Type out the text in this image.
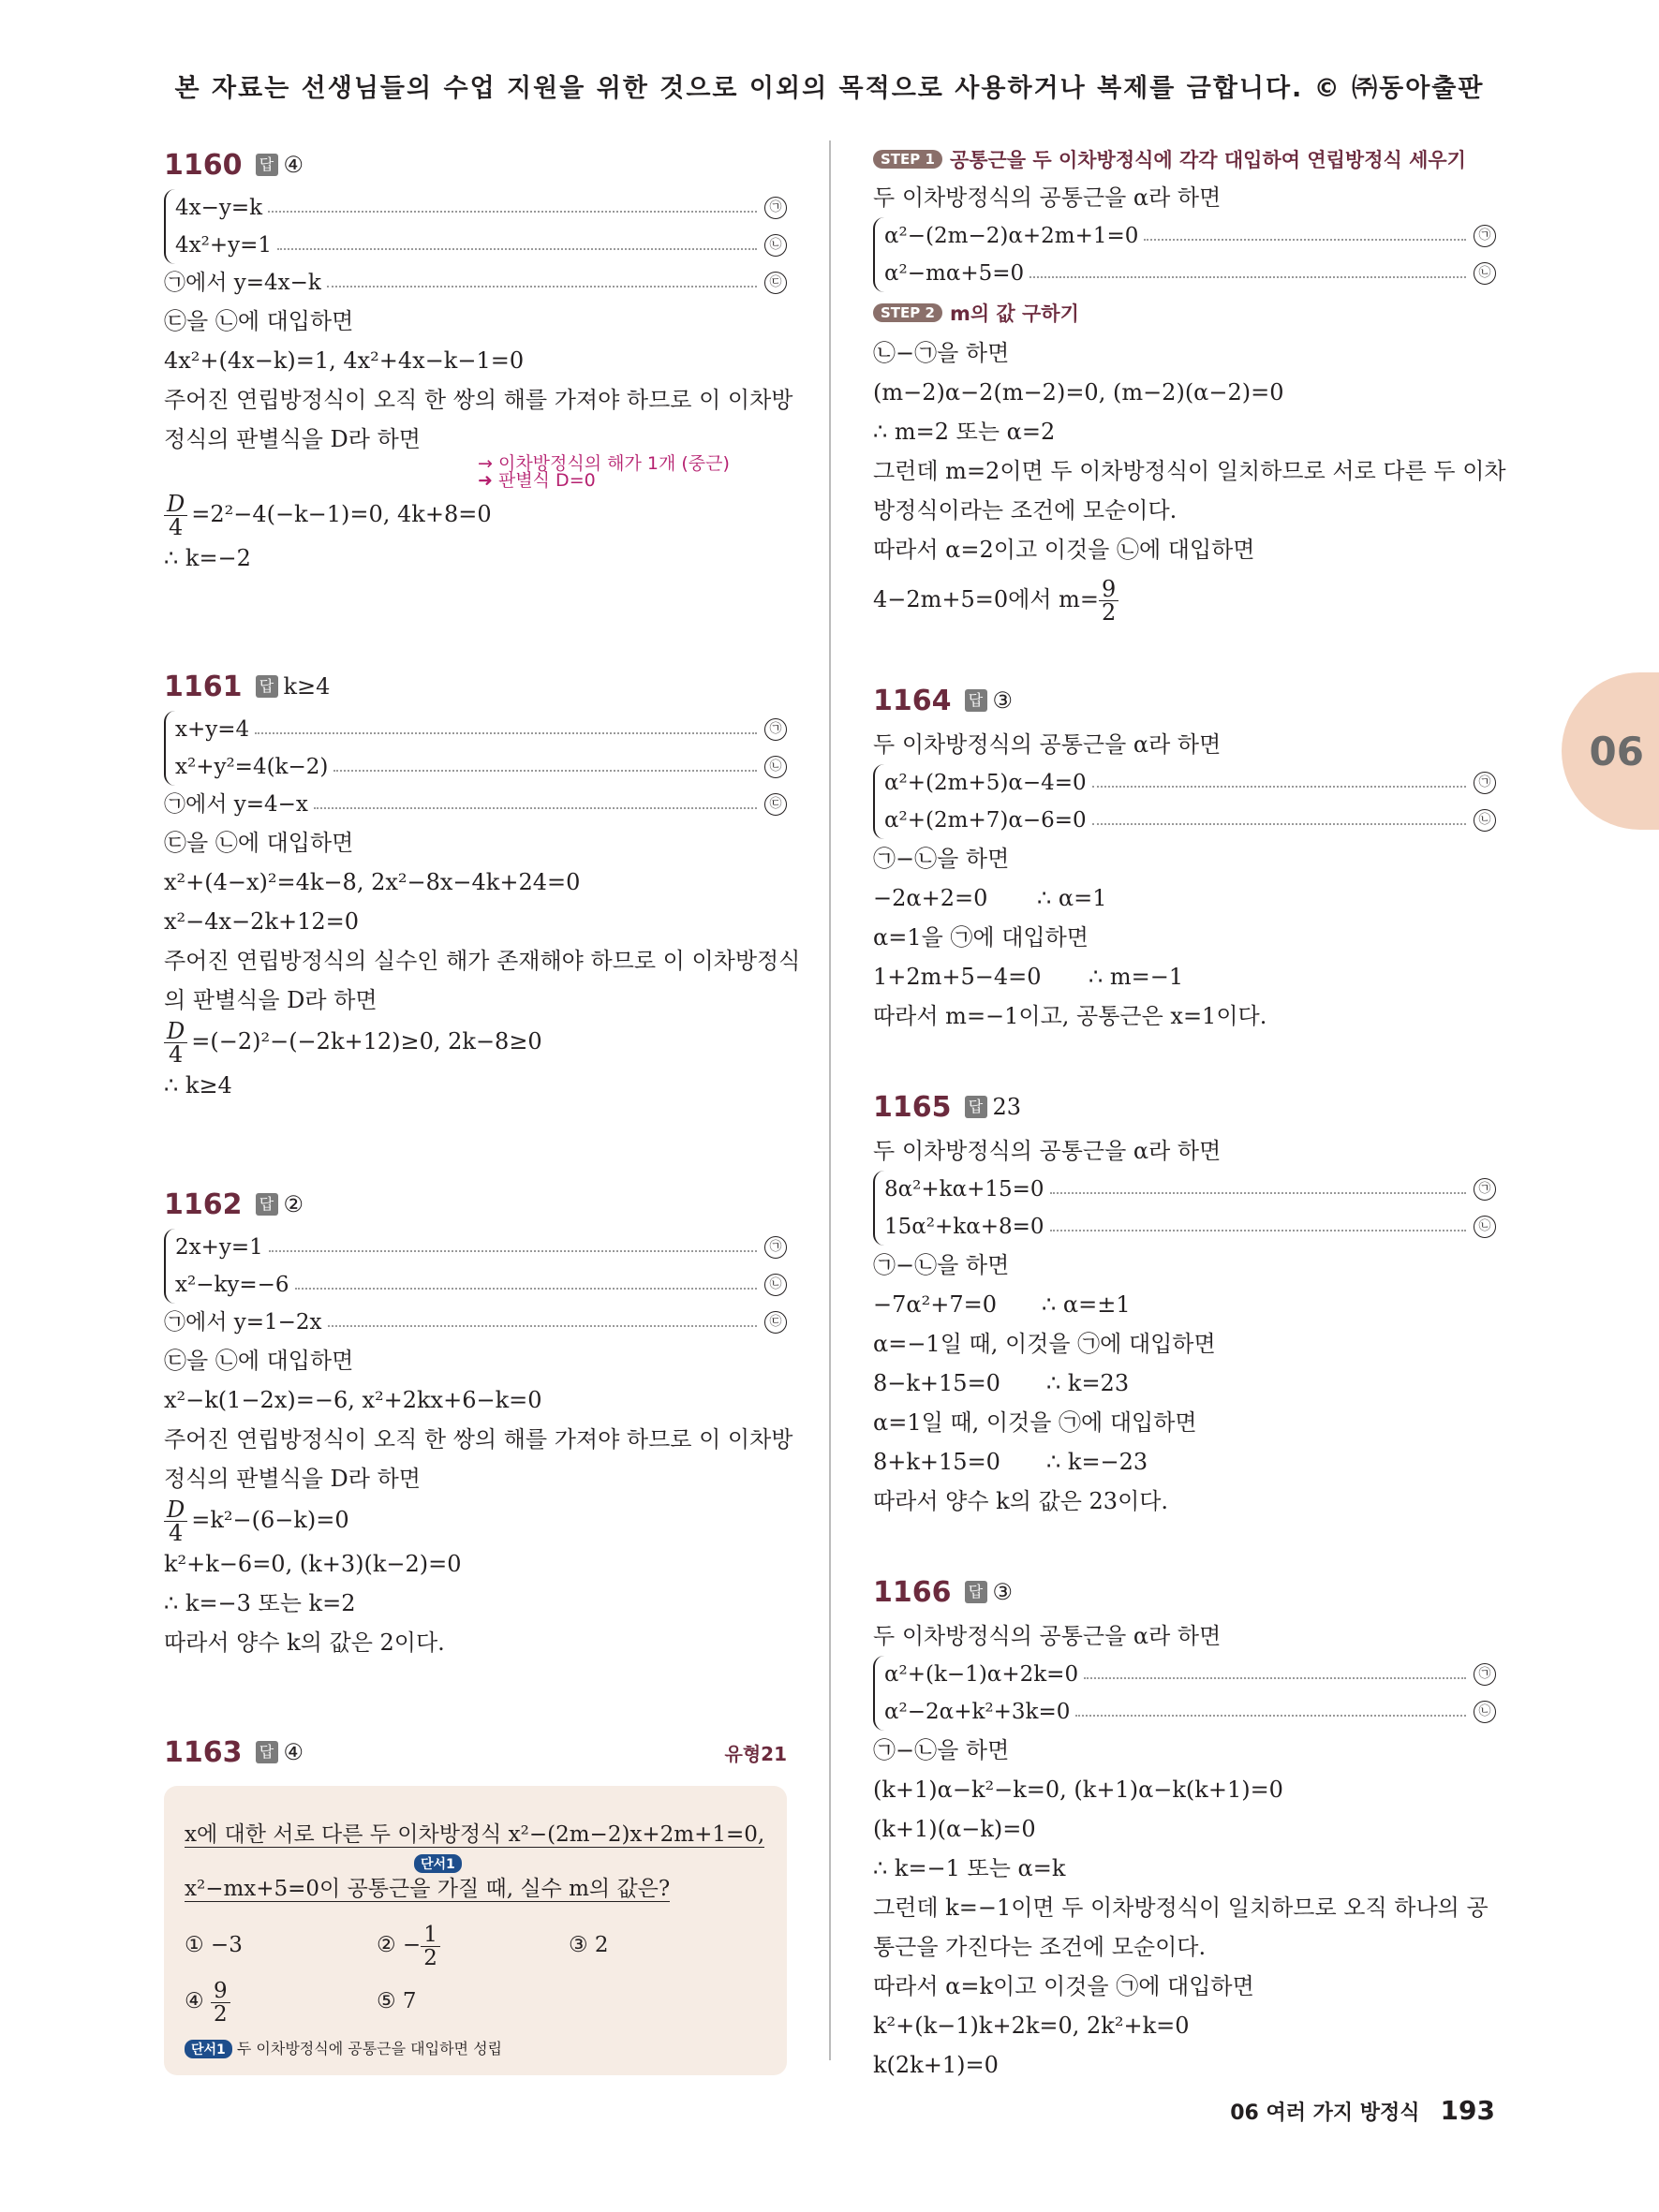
본 자료는 선생님들의 수업 지원을 위한 것으로 이외의 목적으로 사용하거나 복제를 금합니다. © ㈜동아출판
1160 답 ④
4x−y=k	㉠
4x²+y=1	㉡
㉠에서 y=4x−k	㉢
㉢을 ㉡에 대입하면
4x²+(4x−k)=1, 4x²+4x−k−1=0
주어진 연립방정식이 오직 한 쌍의 해를 가져야 하므로 이 이차방
정식의 판별식을 D라 하면
→ 이차방정식의 해가 1개 (중근)
➜ 판별식 D=0
$\frac{D}{4} =2^2-4(-k-1)=0$, 4k+8=0
∴ k=−2
1161 답 k≥4
x+y=4	㉠
x²+y²=4(k−2)	㉡
㉠에서 y=4−x	㉢
㉢을 ㉡에 대입하면
x²+(4−x)²=4k−8, 2x²−8x−4k+24=0
x²−4x−2k+12=0
주어진 연립방정식의 실수인 해가 존재해야 하므로 이 이차방정식
의 판별식을 D라 하면
$\frac{D}{4} =(-2)^2-(-2k+12)\ge 0$, 2k−8≥0
∴ k≥4
1162 답 ②
2x+y=1	㉠
x²−ky=−6	㉡
㉠에서 y=1−2x	㉢
㉢을 ㉡에 대입하면
x²−k(1−2x)=−6, x²+2kx+6−k=0
주어진 연립방정식이 오직 한 쌍의 해를 가져야 하므로 이 이차방
정식의 판별식을 D라 하면
$\frac{D}{4} =k^2-(6-k)=0$
k²+k−6=0, (k+3)(k−2)=0
∴ k=−3 또는 k=2
따라서 양수 k의 값은 2이다.
1163 답 ④	유형21
x에 대한 서로 다른 두 이차방정식 x²−(2m−2)x+2m+1=0,
단서1
x²−mx+5=0이 공통근을 가질 때, 실수 m의 값은?
① −3	② − $\frac{1}{2}$	③ 2
④ $\frac{9}{2}$	⑤ 7
단서1 두 이차방정식에 공통근을 대입하면 성립
STEP 1 공통근을 두 이차방정식에 각각 대입하여 연립방정식 세우기
두 이차방정식의 공통근을 α라 하면
α²−(2m−2)α+2m+1=0	㉠
α²−mα+5=0	㉡
STEP 2 m의 값 구하기
㉡−㉠을 하면
(m−2)α−2(m−2)=0, (m−2)(α−2)=0
∴ m=2 또는 α=2
그런데 m=2이면 두 이차방정식이 일치하므로 서로 다른 두 이차
방정식이라는 조건에 모순이다.
따라서 α=2이고 이것을 ㉡에 대입하면
4−2m+5=0에서 $m= \frac{9}{2}$
1164 답 ③
두 이차방정식의 공통근을 α라 하면
α²+(2m+5)α−4=0	㉠
α²+(2m+7)α−6=0	㉡
㉠−㉡을 하면
−2α+2=0 ∴ α=1
α=1을 ㉠에 대입하면
1+2m+5−4=0 ∴ m=−1
따라서 m=−1이고, 공통근은 x=1이다.
1165 답 23
두 이차방정식의 공통근을 α라 하면
8α²+kα+15=0	㉠
15α²+kα+8=0	㉡
㉠−㉡을 하면
−7α²+7=0 ∴ α=±1
α=−1일 때, 이것을 ㉠에 대입하면
8−k+15=0 ∴ k=23
α=1일 때, 이것을 ㉠에 대입하면
8+k+15=0 ∴ k=−23
따라서 양수 k의 값은 23이다.
1166 답 ③
두 이차방정식의 공통근을 α라 하면
α²+(k−1)α+2k=0	㉠
α²−2α+k²+3k=0	㉡
㉠−㉡을 하면
(k+1)α−k²−k=0, (k+1)α−k(k+1)=0
(k+1)(α−k)=0
∴ k=−1 또는 α=k
그런데 k=−1이면 두 이차방정식이 일치하므로 오직 하나의 공
통근을 가진다는 조건에 모순이다.
따라서 α=k이고 이것을 ㉠에 대입하면
k²+(k−1)k+2k=0, 2k²+k=0
k(2k+1)=0
06
06 여러 가지 방정식 193
